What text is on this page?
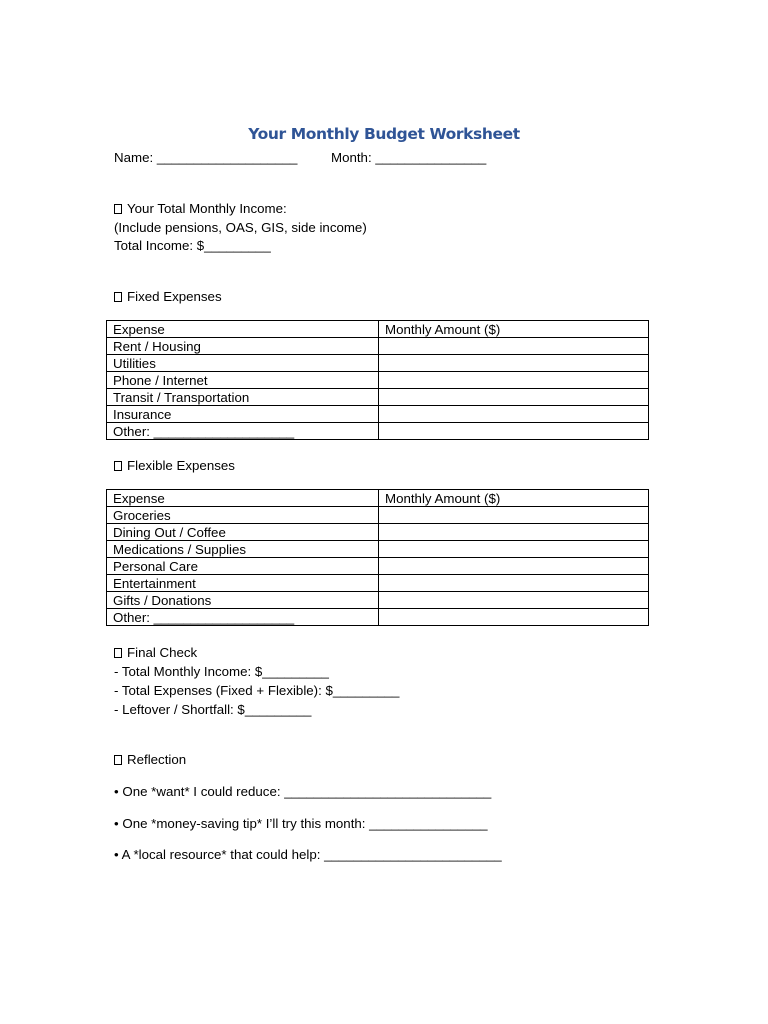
Your Monthly Budget Worksheet
Name: ___________________	Month: _______________
Your Total Monthly Income:
(Include pensions, OAS, GIS, side income)
Total Income: $_________
Fixed Expenses
Expense	Monthly Amount ($)
Rent / Housing	
Utilities	
Phone / Internet	
Transit / Transportation	
Insurance	
Other: ___________________	
Flexible Expenses
Expense	Monthly Amount ($)
Groceries	
Dining Out / Coffee	
Medications / Supplies	
Personal Care	
Entertainment	
Gifts / Donations	
Other: ___________________	
Final Check
- Total Monthly Income: $_________
- Total Expenses (Fixed + Flexible): $_________
- Leftover / Shortfall: $_________
Reflection
• One *want* I could reduce: ____________________________
• One *money-saving tip* I’ll try this month: ________________
• A *local resource* that could help: ________________________
